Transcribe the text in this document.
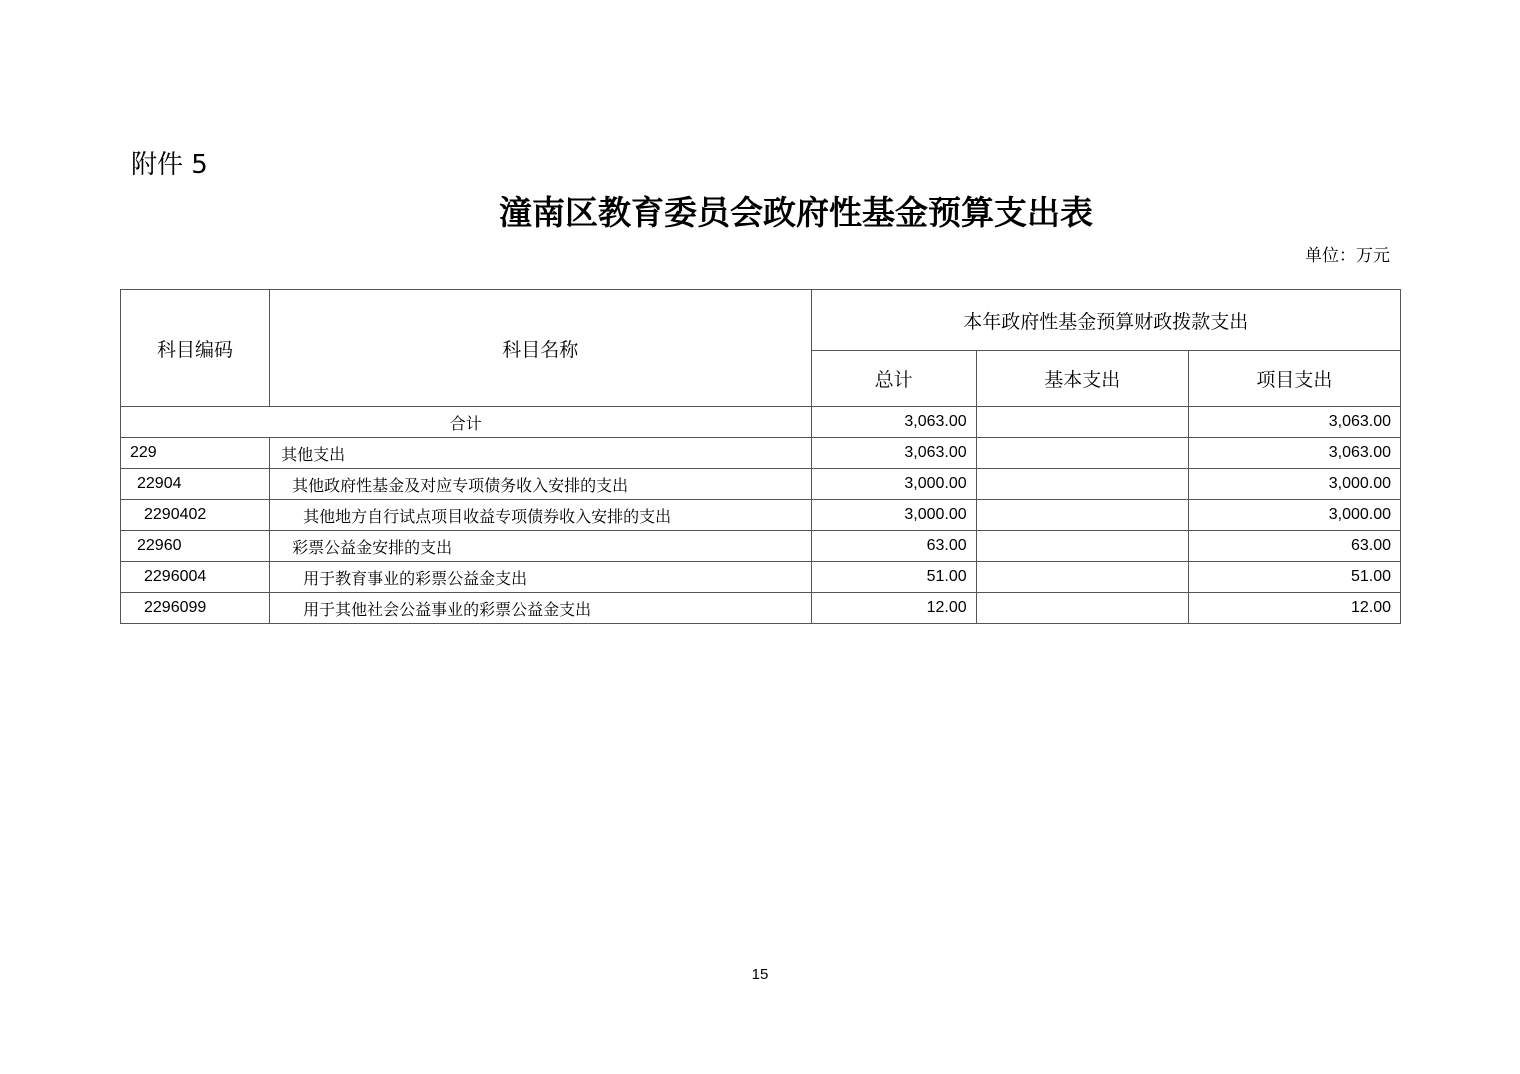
附件 5
潼南区教育委员会政府性基金预算支出表
单位：万元
科目编码	科目名称	本年政府性基金预算财政拨款支出		
		总计	基本支出	项目支出
合计		3,063.00		3,063.00
229	其他支出	3,063.00		3,063.00
22904	其他政府性基金及对应专项债务收入安排的支出	3,000.00		3,000.00
2290402	其他地方自行试点项目收益专项债券收入安排的支出	3,000.00		3,000.00
22960	彩票公益金安排的支出	63.00		63.00
2296004	用于教育事业的彩票公益金支出	51.00		51.00
2296099	用于其他社会公益事业的彩票公益金支出	12.00		12.00
15
